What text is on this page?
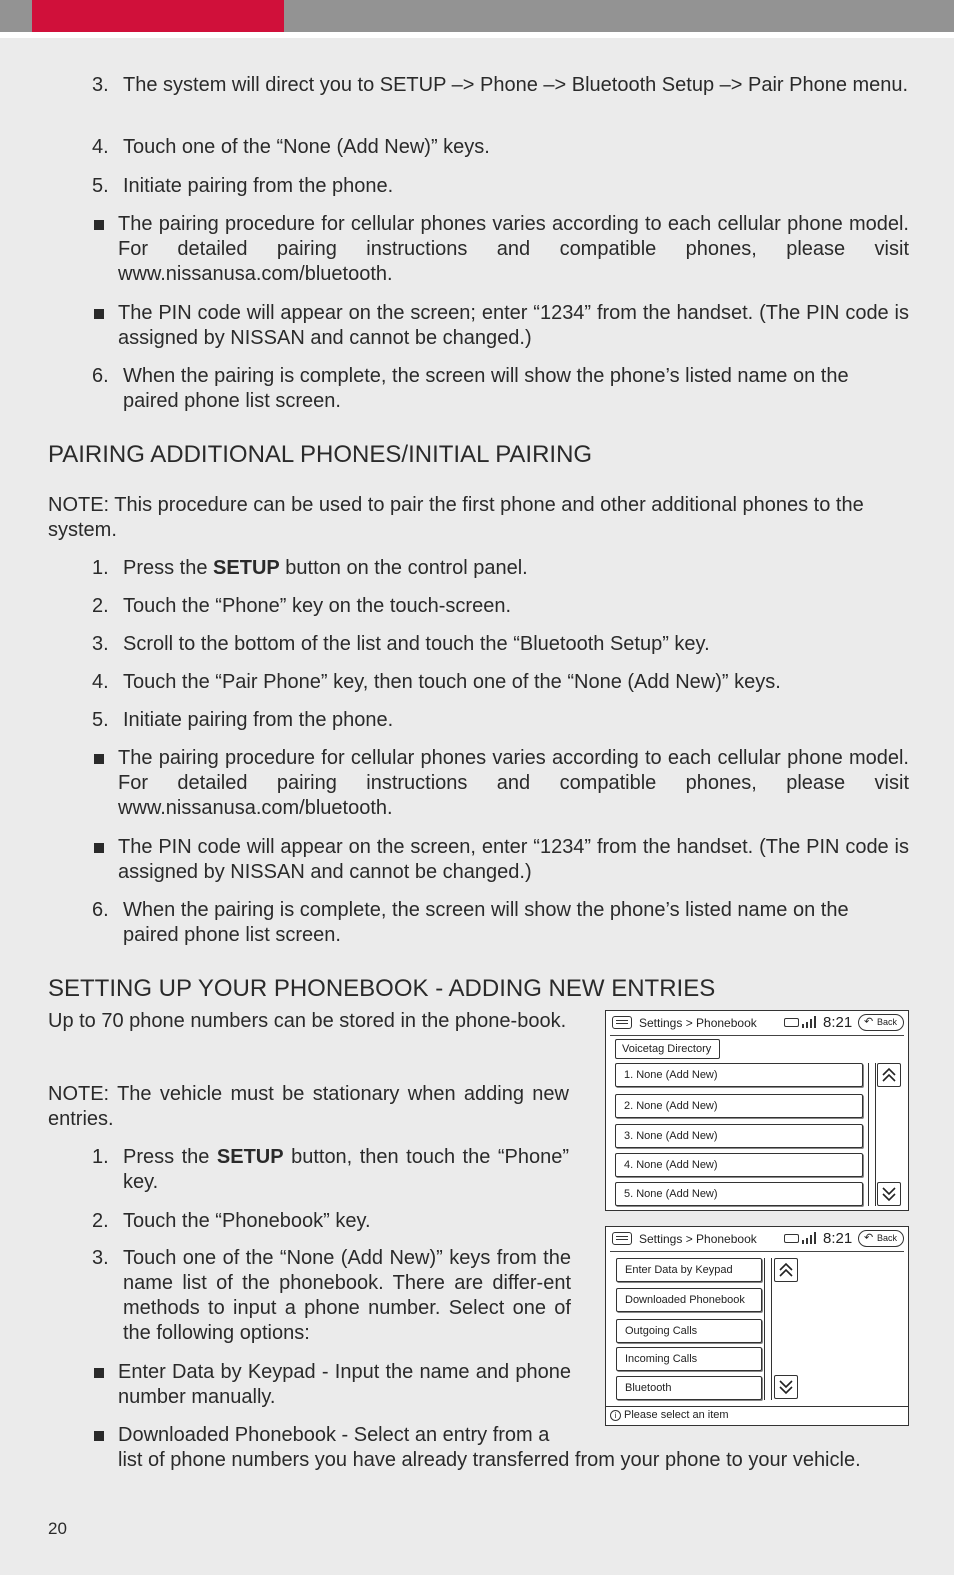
3. The system will direct you to SETUP –> Phone –> Bluetooth Setup –> Pair Phone menu.
4. Touch one of the “None (Add New)” keys.
5. Initiate pairing from the phone.
The pairing procedure for cellular phones varies according to each cellular phone model. For detailed pairing instructions and compatible phones, please visit www.nissanusa.com/bluetooth.
The PIN code will appear on the screen; enter “1234” from the handset. (The PIN code is assigned by NISSAN and cannot be changed.)
6. When the pairing is complete, the screen will show the phone’s listed name on the paired phone list screen.
PAIRING ADDITIONAL PHONES/INITIAL PAIRING
NOTE: This procedure can be used to pair the first phone and other additional phones to the system.
1. Press the SETUP button on the control panel.
2. Touch the “Phone” key on the touch-screen.
3. Scroll to the bottom of the list and touch the “Bluetooth Setup” key.
4. Touch the “Pair Phone” key, then touch one of the “None (Add New)” keys.
5. Initiate pairing from the phone.
The pairing procedure for cellular phones varies according to each cellular phone model. For detailed pairing instructions and compatible phones, please visit www.nissanusa.com/bluetooth.
The PIN code will appear on the screen, enter “1234” from the handset. (The PIN code is assigned by NISSAN and cannot be changed.)
6. When the pairing is complete, the screen will show the phone’s listed name on the paired phone list screen.
SETTING UP YOUR PHONEBOOK - ADDING NEW ENTRIES
Up to 70 phone numbers can be stored in the phone-book.
NOTE: The vehicle must be stationary when adding new entries.
1. Press the SETUP button, then touch the “Phone” key.
2. Touch the “Phonebook” key.
3. Touch one of the “None (Add New)” keys from the name list of the phonebook. There are differ-ent methods to input a phone number. Select one of the following options:
Enter Data by Keypad - Input the name and phone number manually.
Downloaded Phonebook - Select an entry from a
list of phone numbers you have already transferred from your phone to your vehicle.
Settings > Phonebook	8:21	↶ Back
Voicetag Directory
1. None (Add New)
2. None (Add New)
3. None (Add New)
4. None (Add New)
5. None (Add New)
Settings > Phonebook	8:21	↶ Back
Enter Data by Keypad
Downloaded Phonebook
Outgoing Calls
Incoming Calls
Bluetooth
i Please select an item
20
